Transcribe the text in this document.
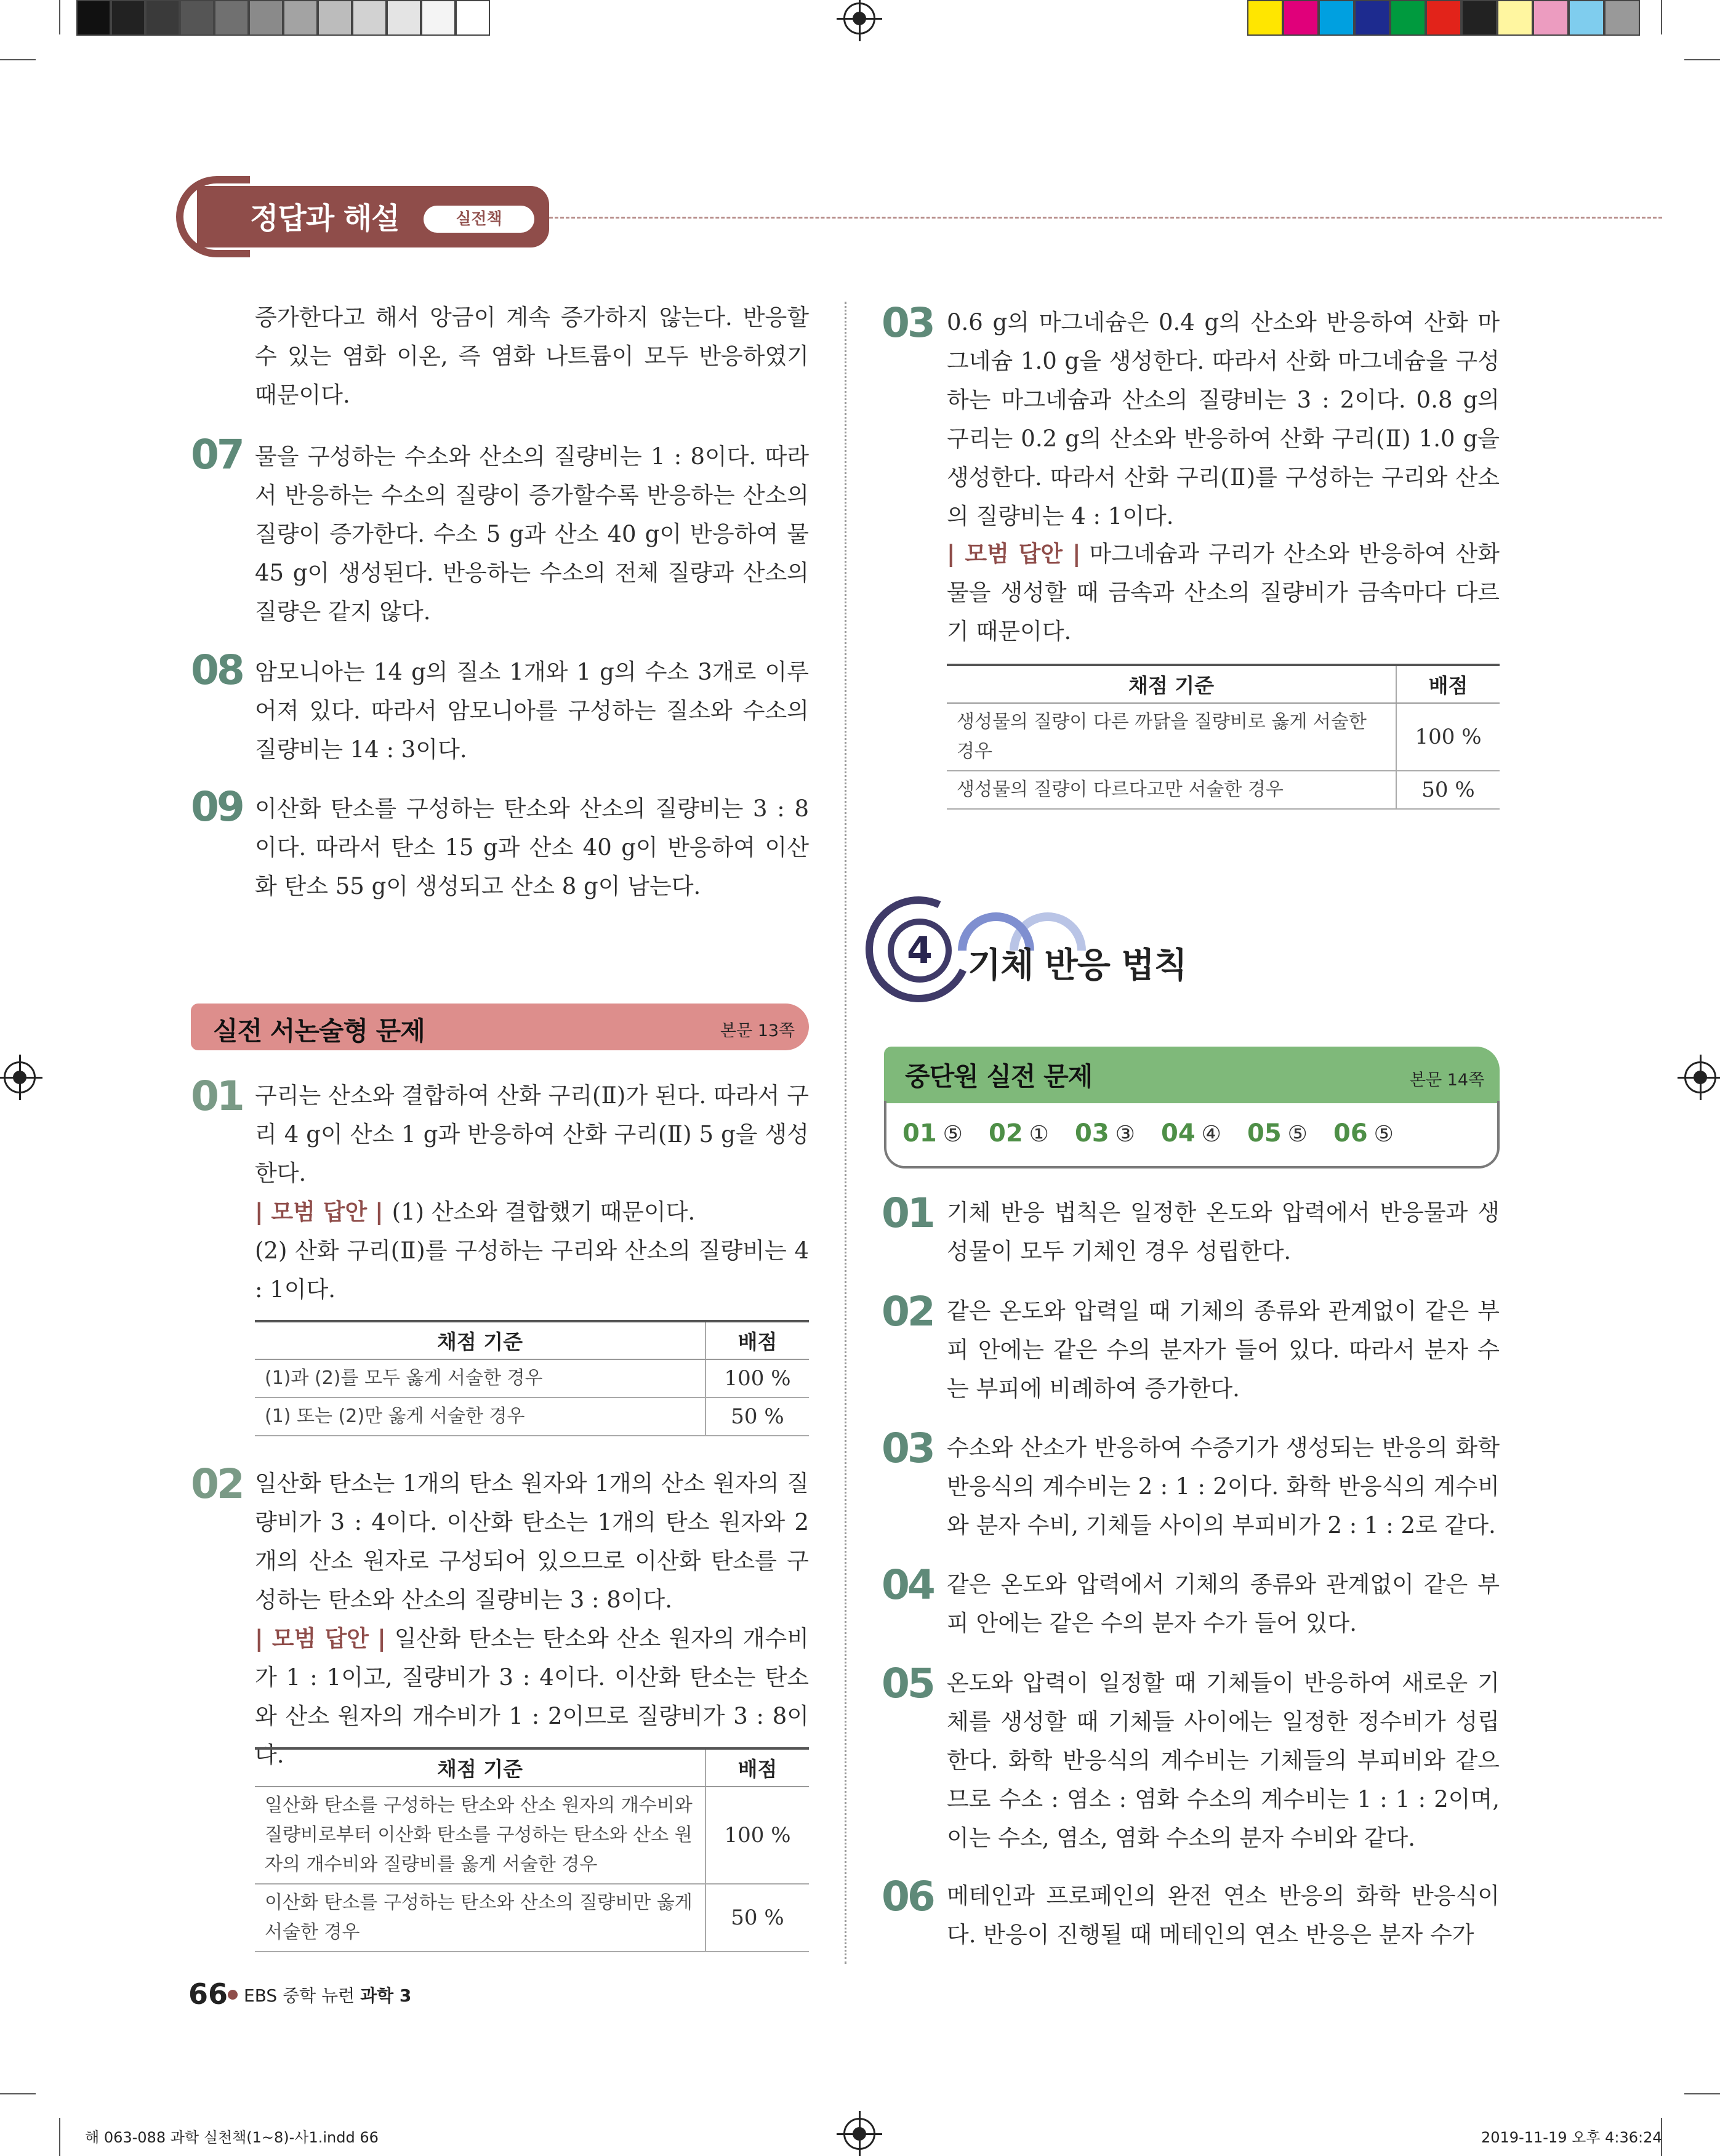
정답과 해설	실전책
증가한다고 해서 앙금이 계속 증가하지 않는다. 반응할 수 있는 염화 이온, 즉 염화 나트륨이 모두 반응하였기 때문이다.
07 물을 구성하는 수소와 산소의 질량비는 1 : 8이다. 따라서 반응하는 수소의 질량이 증가할수록 반응하는 산소의 질량이 증가한다. 수소 5 g과 산소 40 g이 반응하여 물 45 g이 생성된다. 반응하는 수소의 전체 질량과 산소의 질량은 같지 않다.
08 암모니아는 14 g의 질소 1개와 1 g의 수소 3개로 이루어져 있다. 따라서 암모니아를 구성하는 질소와 수소의 질량비는 14 : 3이다.
09 이산화 탄소를 구성하는 탄소와 산소의 질량비는 3 : 8이다. 따라서 탄소 15 g과 산소 40 g이 반응하여 이산화 탄소 55 g이 생성되고 산소 8 g이 남는다.
실전 서논술형 문제	본문 13쪽
01 구리는 산소와 결합하여 산화 구리(Ⅱ)가 된다. 따라서 구리 4 g이 산소 1 g과 반응하여 산화 구리(Ⅱ) 5 g을 생성한다.
| 모범 답안 | (1) 산소와 결합했기 때문이다.
(2) 산화 구리(Ⅱ)를 구성하는 구리와 산소의 질량비는 4 : 1이다.
채점 기준	배점
(1)과 (2)를 모두 옳게 서술한 경우	100 %
(1) 또는 (2)만 옳게 서술한 경우	50 %
02 일산화 탄소는 1개의 탄소 원자와 1개의 산소 원자의 질량비가 3 : 4이다. 이산화 탄소는 1개의 탄소 원자와 2개의 산소 원자로 구성되어 있으므로 이산화 탄소를 구성하는 탄소와 산소의 질량비는 3 : 8이다.
| 모범 답안 | 일산화 탄소는 탄소와 산소 원자의 개수비가 1 : 1이고, 질량비가 3 : 4이다. 이산화 탄소는 탄소와 산소 원자의 개수비가 1 : 2이므로 질량비가 3 : 8이다.
채점 기준	배점
일산화 탄소를 구성하는 탄소와 산소 원자의 개수비와 질량비로부터 이산화 탄소를 구성하는 탄소와 산소 원자의 개수비와 질량비를 옳게 서술한 경우	100 %
이산화 탄소를 구성하는 탄소와 산소의 질량비만 옳게 서술한 경우	50 %
03 0.6 g의 마그네슘은 0.4 g의 산소와 반응하여 산화 마그네슘 1.0 g을 생성한다. 따라서 산화 마그네슘을 구성하는 마그네슘과 산소의 질량비는 3 : 2이다. 0.8 g의 구리는 0.2 g의 산소와 반응하여 산화 구리(Ⅱ) 1.0 g을 생성한다. 따라서 산화 구리(Ⅱ)를 구성하는 구리와 산소의 질량비는 4 : 1이다.
| 모범 답안 | 마그네슘과 구리가 산소와 반응하여 산화물을 생성할 때 금속과 산소의 질량비가 금속마다 다르기 때문이다.
채점 기준	배점
생성물의 질량이 다른 까닭을 질량비로 옳게 서술한 경우	100 %
생성물의 질량이 다르다고만 서술한 경우	50 %
4	기체 반응 법칙
중단원 실전 문제	본문 14쪽
01 ⑤ 02 ① 03 ③ 04 ④ 05 ⑤ 06 ⑤
01 기체 반응 법칙은 일정한 온도와 압력에서 반응물과 생성물이 모두 기체인 경우 성립한다.
02 같은 온도와 압력일 때 기체의 종류와 관계없이 같은 부피 안에는 같은 수의 분자가 들어 있다. 따라서 분자 수는 부피에 비례하여 증가한다.
03 수소와 산소가 반응하여 수증기가 생성되는 반응의 화학 반응식의 계수비는 2 : 1 : 2이다. 화학 반응식의 계수비와 분자 수비, 기체들 사이의 부피비가 2 : 1 : 2로 같다.
04 같은 온도와 압력에서 기체의 종류와 관계없이 같은 부피 안에는 같은 수의 분자 수가 들어 있다.
05 온도와 압력이 일정할 때 기체들이 반응하여 새로운 기체를 생성할 때 기체들 사이에는 일정한 정수비가 성립한다. 화학 반응식의 계수비는 기체들의 부피비와 같으므로 수소 : 염소 : 염화 수소의 계수비는 1 : 1 : 2이며, 이는 수소, 염소, 염화 수소의 분자 수비와 같다.
06 메테인과 프로페인의 완전 연소 반응의 화학 반응식이다. 반응이 진행될 때 메테인의 연소 반응은 분자 수가
66 EBS 중학 뉴런 과학 3
해 063-088 과학 실천책(1~8)-사1.indd 66	2019-11-19 오후 4:36:24
